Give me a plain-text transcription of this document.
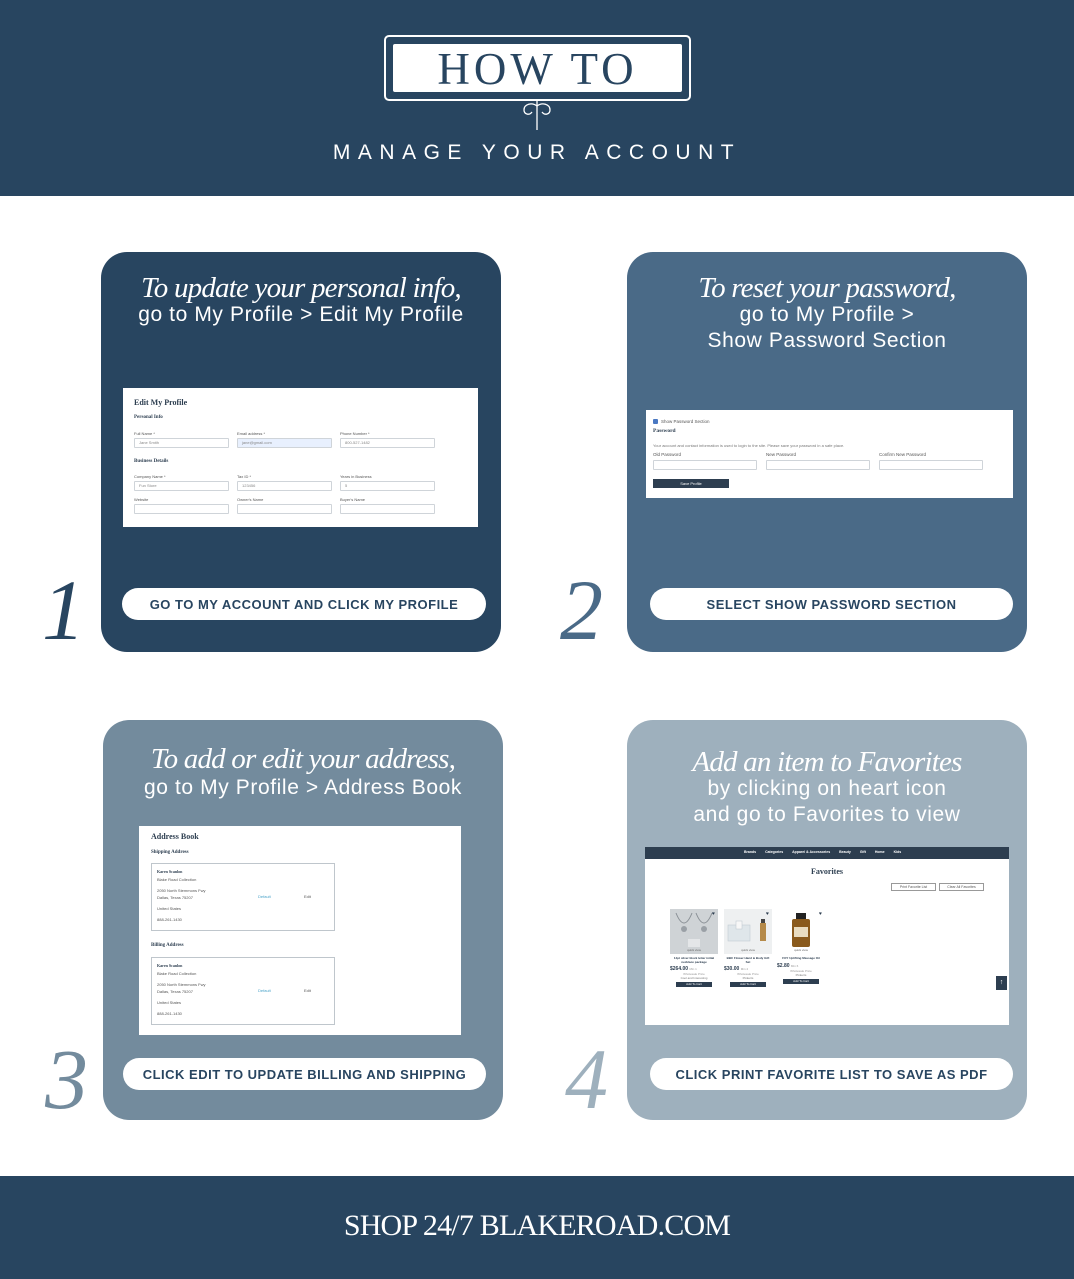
HOW TO
MANAGE YOUR ACCOUNT
To update your personal info,
go to My Profile > Edit My Profile
Edit My Profile
Personal Info
Full Name *
Jane Smith
Email address *
jane@gmail.com
Phone Number *
800-527-1482
Business Details
Company Name *
Fun Store
Tax ID *
123456
Years in Business
5
Website	Owner's Name	Buyer's Name
GO TO MY ACCOUNT AND CLICK MY PROFILE
1
To reset your password,
go to My Profile >
Show Password Section
Show Password Section
Password
Your account and contact information is used to login to the site. Please save your password in a safe place.
Old Password	New Password	Confirm New Password
Save Profile
SELECT SHOW PASSWORD SECTION
2
To add or edit your address,
go to My Profile > Address Book
Address Book
Shipping Address
Karen Scanlon
Blake Road Collection
2050 North Stemmons Fwy
Dallas, Texas 75207
United States
888-261-1430
Default	Edit
Billing Address
Karen Scanlon
Blake Road Collection
2050 North Stemmons Fwy
Dallas, Texas 75207
United States
888-261-1430
Default	Edit
CLICK EDIT TO UPDATE BILLING AND SHIPPING
3
Add an item to Favorites
by clicking on heart icon
and go to Favorites to view
Brands	Categories	Apparel & Accessories	Beauty	Gift	Home	Kids
Favorites
Print Favorite List	Clear All Favorites
♥
quick view
14pt silver block letter initial necklace package
$264.00 Min 1
Wholesale Price
Cool and Interesting
Add To Cart
♥
quick view
BBC Flower Hand & Body Gift Set
$30.00 Min 4
Wholesale Price
Pinkerts
Add To Cart
♥
quick view
FOY Uplifting Massage Oil
$2.80 Min 6
Wholesale Price
Pinkerts
Add To Cart	↑
CLICK PRINT FAVORITE LIST TO SAVE AS PDF
4
SHOP 24/7 BLAKEROAD.COM
